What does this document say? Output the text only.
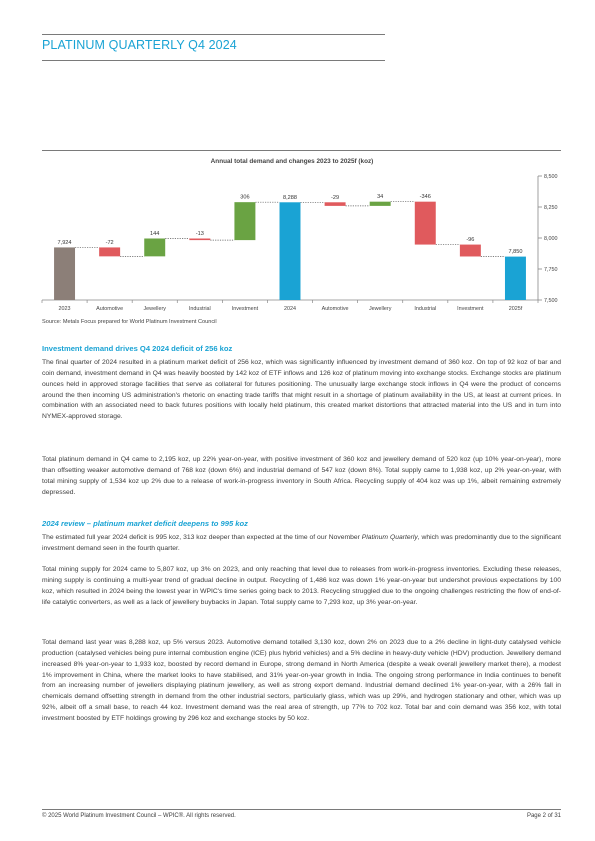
PLATINUM QUARTERLY Q4 2024
Annual total demand and changes 2023 to 2025f (koz)
7,500
7,750
8,000
8,250
8,500
7,924
2023
-72
Automotive
144
Jewellery
-13
Industrial
306
Investment
8,288
2024
-29
Automotive
34
Jewellery
-346
Industrial
-96
Investment
7,850
2025f
Source: Metals Focus prepared for World Platinum Investment Council
Investment demand drives Q4 2024 deficit of 256 koz

The final quarter of 2024 resulted in a platinum market deficit of 256 koz, which was significantly influenced by investment demand of 360 koz. On top of 92 koz of bar and coin demand, investment demand in Q4 was heavily boosted by 142 koz of ETF inflows and 126 koz of platinum moving into exchange stocks. Exchange stocks are platinum ounces held in approved storage facilities that serve as collateral for futures positioning. The unusually large exchange stock inflows in Q4 were the product of concerns around the then incoming US administration's rhetoric on enacting trade tariffs that might result in a shortage of platinum availability in the US, at least at current prices. In combination with an associated need to back futures positions with locally held platinum, this created market distortions that attracted material into the US and in turn into NYMEX-approved storage.

Total platinum demand in Q4 came to 2,195 koz, up 22% year-on-year, with positive investment of 360 koz and jewellery demand of 520 koz (up 10% year-on-year), more than offsetting weaker automotive demand of 768 koz (down 6%) and industrial demand of 547 koz (down 8%). Total supply came to 1,938 koz, up 2% year-on-year, with total mining supply of 1,534 koz up 2% due to a release of work-in-progress inventory in South Africa. Recycling supply of 404 koz was up 1%, albeit remaining extremely depressed.

2024 review – platinum market deficit deepens to 995 koz

The estimated full year 2024 deficit is 995 koz, 313 koz deeper than expected at the time of our November Platinum Quarterly, which was predominantly due to the significant investment demand seen in the fourth quarter.

Total mining supply for 2024 came to 5,807 koz, up 3% on 2023, and only reaching that level due to releases from work-in-progress inventories. Excluding these releases, mining supply is continuing a multi-year trend of gradual decline in output. Recycling of 1,486 koz was down 1% year-on-year but undershot previous expectations by 100 koz, which resulted in 2024 being the lowest year in WPIC's time series going back to 2013. Recycling struggled due to the ongoing challenges restricting the flow of end-of-life catalytic converters, as well as a lack of jewellery buybacks in Japan. Total supply came to 7,293 koz, up 3% year-on-year.

Total demand last year was 8,288 koz, up 5% versus 2023. Automotive demand totalled 3,130 koz, down 2% on 2023 due to a 2% decline in light-duty catalysed vehicle production (catalysed vehicles being pure internal combustion engine (ICE) plus hybrid vehicles) and a 5% decline in heavy-duty vehicle (HDV) production. Jewellery demand increased 8% year-on-year to 1,933 koz, boosted by record demand in Europe, strong demand in North America (despite a weak overall jewellery market there), a modest 1% improvement in China, where the market looks to have stabilised, and 31% year-on-year growth in India. The ongoing strong performance in India continues to benefit from an increasing number of jewellers displaying platinum jewellery, as well as strong export demand. Industrial demand declined 1% year-on-year, with a 26% fall in chemicals demand offsetting strength in demand from the other industrial sectors, particularly glass, which was up 29%, and hydrogen stationary and other, which was up 92%, albeit off a small base, to reach 44 koz. Investment demand was the real area of strength, up 77% to 702 koz. Total bar and coin demand was 356 koz, with total investment boosted by ETF holdings growing by 296 koz and exchange stocks by 50 koz.

© 2025 World Platinum Investment Council – WPIC®. All rights reserved.	Page 2 of 31
